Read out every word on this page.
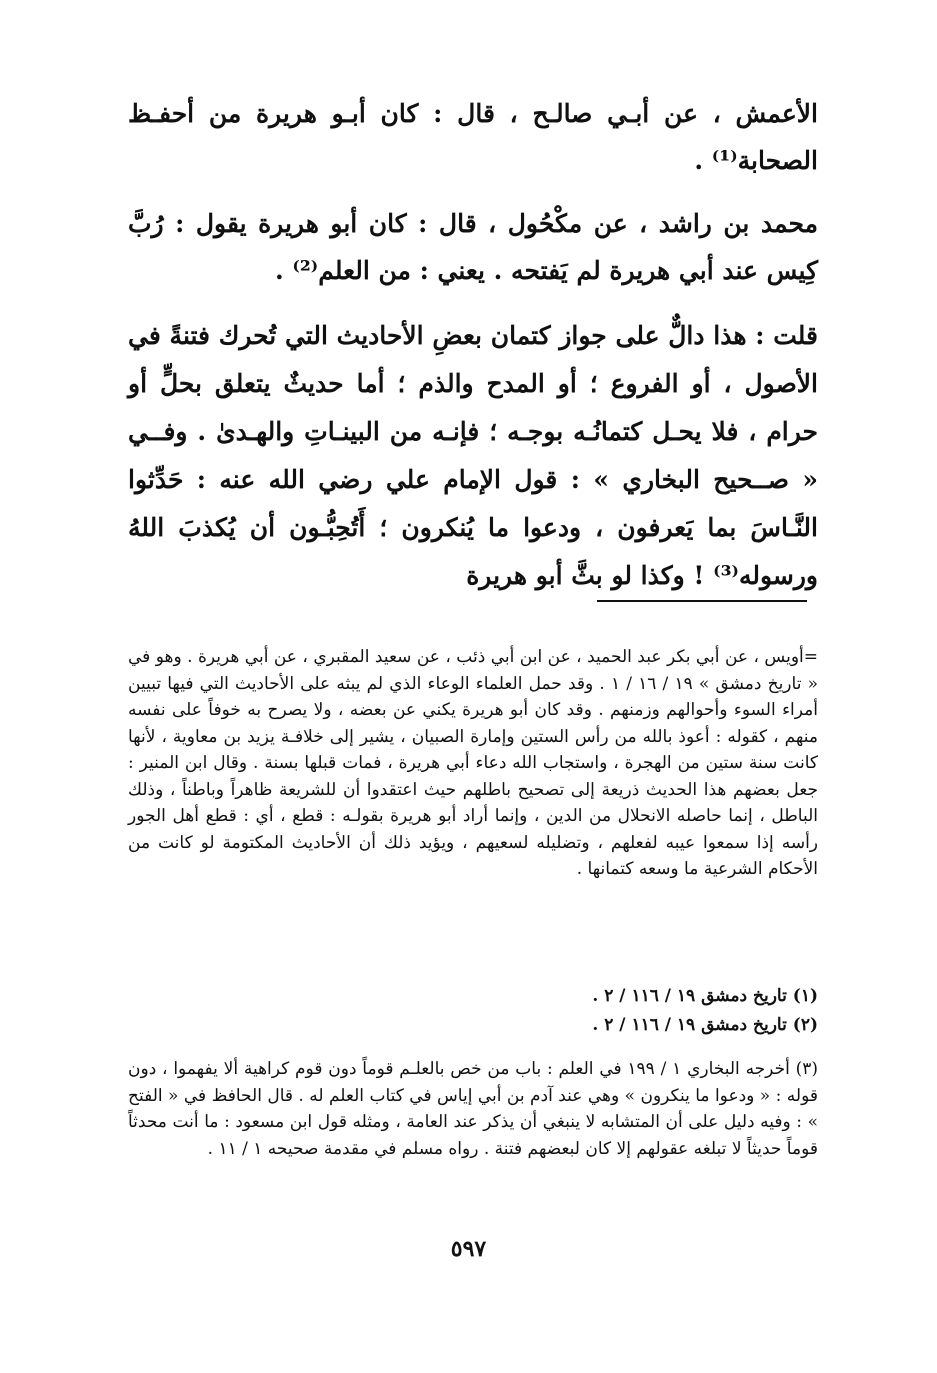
الأعمش ، عن أبـي صالـح ، قال : كان أبـو هريرة من أحفـظ الصحابة⁽¹⁾ .

محمد بن راشد ، عن مكْحُول ، قال : كان أبو هريرة يقول : رُبَّ كِيس عند أبي هريرة لم يَفتحه . يعني : من العلم⁽²⁾ .

قلت : هذا دالٌّ على جواز كتمان بعضِ الأحاديث التي تُحرك فتنةً في الأصول ، أو الفروع ؛ أو المدح والذم ؛ أما حديثٌ يتعلق بحلٍّ أو حرام ، فلا يحـل كتمانُـه بوجـه ؛ فإنـه من البينـاتِ والهـدىٰ . وفــي « صــحيح البخاري » : قول الإمام علي رضي الله عنه : حَدِّثوا النَّـاسَ بما يَعرفون ، ودعوا ما يُنكرون ؛ أَتُحِبُّـون أن يُكذبَ اللهُ ورسوله⁽³⁾ ! وكذا لو بثَّ أبو هريرة

=أويس ، عن أبي بكر عبد الحميد ، عن ابن أبي ذئب ، عن سعيد المقبري ، عن أبي هريرة . وهو في « تاريخ دمشق » ١٩ / ١٦ / ١ . وقد حمل العلماء الوعاء الذي لم يبثه على الأحاديث التي فيها تبيين أمراء السوء وأحوالهم وزمنهم . وقد كان أبو هريرة يكني عن بعضه ، ولا يصرح به خوفاً على نفسه منهم ، كقوله : أعوذ بالله من رأس الستين وإمارة الصبيان ، يشير إلى خلافـة يزيد بن معاوية ، لأنها كانت سنة ستين من الهجرة ، واستجاب الله دعاء أبي هريرة ، فمات قبلها بسنة . وقال ابن المنير : جعل بعضهم هذا الحديث ذريعة إلى تصحيح باطلهم حيث اعتقدوا أن للشريعة ظاهراً وباطناً ، وذلك الباطل ، إنما حاصله الانحلال من الدين ، وإنما أراد أبو هريرة بقولـه : قطع ، أي : قطع أهل الجور رأسه إذا سمعوا عيبه لفعلهم ، وتضليله لسعيهم ، ويؤيد ذلك أن الأحاديث المكتومة لو كانت من الأحكام الشرعية ما وسعه كتمانها .

(١) تاريخ دمشق ١٩ / ١١٦ / ٢ .

(٢) تاريخ دمشق ١٩ / ١١٦ / ٢ .

(٣) أخرجه البخاري ١ / ١٩٩ في العلم : باب من خص بالعلـم قوماً دون قوم كراهية ألا يفهموا ، دون قوله : « ودعوا ما ينكرون » وهي عند آدم بن أبي إياس في كتاب العلم له . قال الحافظ في « الفتح » : وفيه دليل على أن المتشابه لا ينبغي أن يذكر عند العامة ، ومثله قول ابن مسعود : ما أنت محدثاً قوماً حديثاً لا تبلغه عقولهم إلا كان لبعضهم فتنة . رواه مسلم في مقدمة صحيحه ١ / ١١ .

٥٩٧
